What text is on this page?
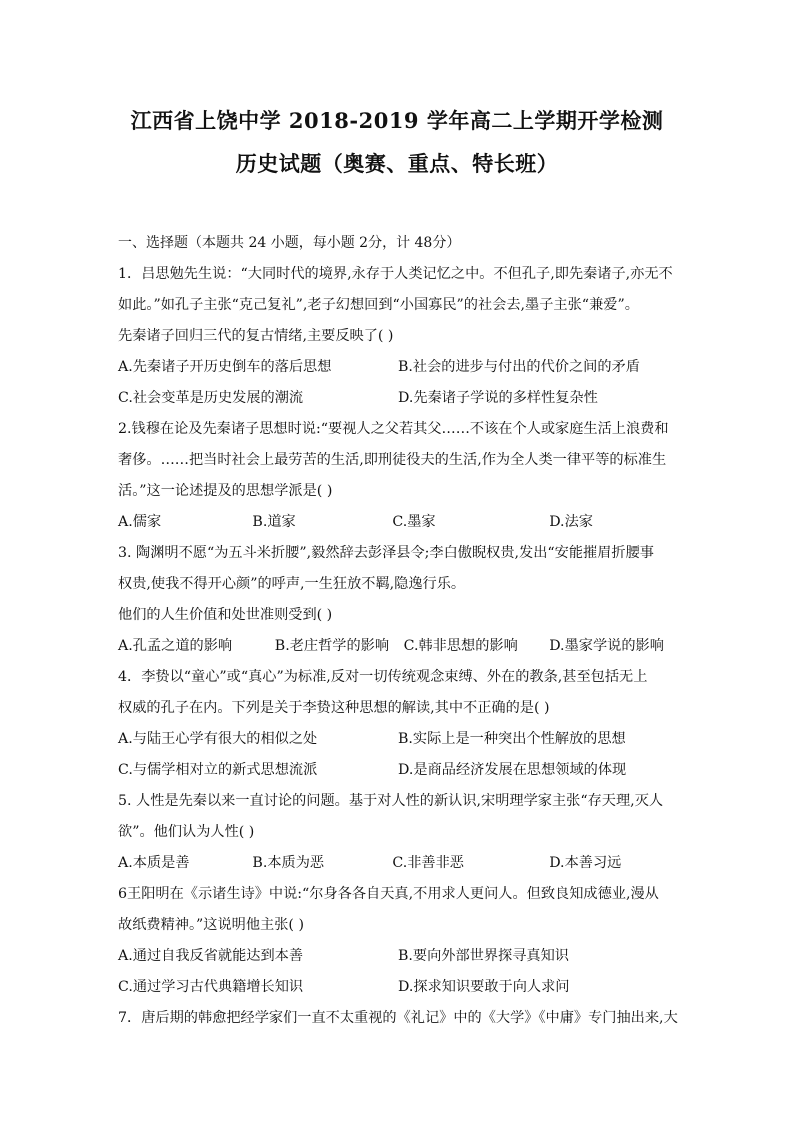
江西省上饶中学 2018-2019 学年高二上学期开学检测
历史试题（奥赛、重点、特长班）
一、选择题（本题共 24 小题，每小题 2分，计 48分）
1．吕思勉先生说：“大同时代的境界,永存于人类记忆之中。不但孔子,即先秦诸子,亦无不
如此。”如孔子主张“克己复礼”,老子幻想回到“小国寡民”的社会去,墨子主张“兼爱”。
先秦诸子回归三代的复古情绪,主要反映了( )
A.先秦诸子开历史倒车的落后思想	B.社会的进步与付出的代价之间的矛盾
C.社会变革是历史发展的潮流	D.先秦诸子学说的多样性复杂性
2.钱穆在论及先秦诸子思想时说:“要视人之父若其父……不该在个人或家庭生活上浪费和
奢侈。……把当时社会上最劳苦的生活,即刑徒役夫的生活,作为全人类一律平等的标准生
活。”这一论述提及的思想学派是( )
A.儒家	B.道家	C.墨家	D.法家
3. 陶渊明不愿“为五斗米折腰”,毅然辞去彭泽县令;李白傲睨权贵,发出“安能摧眉折腰事
权贵,使我不得开心颜”的呼声,一生狂放不羁,隐逸行乐。
他们的人生价值和处世准则受到( )
A.孔孟之道的影响	B.老庄哲学的影响	C.韩非思想的影响	D.墨家学说的影响
4．李贽以“童心”或“真心”为标准,反对一切传统观念束缚、外在的教条,甚至包括无上
权威的孔子在内。下列是关于李贽这种思想的解读,其中不正确的是( )
A.与陆王心学有很大的相似之处	B.实际上是一种突出个性解放的思想
C.与儒学相对立的新式思想流派	D.是商品经济发展在思想领域的体现
5. 人性是先秦以来一直讨论的问题。基于对人性的新认识,宋明理学家主张“存天理,灭人
欲”。他们认为人性( )
A.本质是善	B.本质为恶	C.非善非恶	D.本善习远
6王阳明在《示诸生诗》中说:“尔身各各自天真,不用求人更问人。但致良知成德业,漫从
故纸费精神。”这说明他主张( )
A.通过自我反省就能达到本善	B.要向外部世界探寻真知识
C.通过学习古代典籍增长知识	D.探求知识要敢于向人求问
7．唐后期的韩愈把经学家们一直不太重视的《礼记》中的《大学》《中庸》专门抽出来,大
